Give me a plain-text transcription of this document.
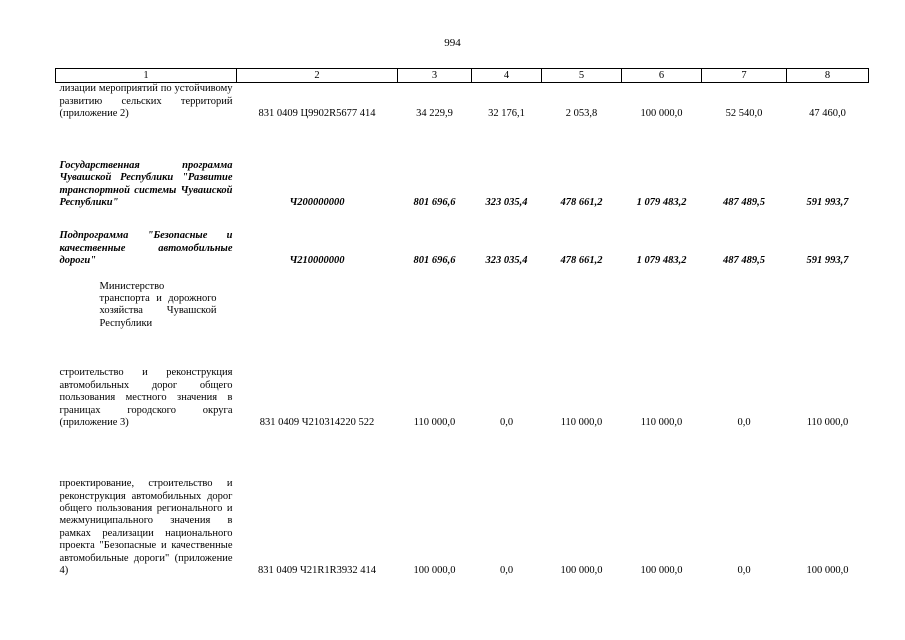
994
1	2	3	4	5	6	7	8
лизации мероприятий по устойчивому развитию сельских территорий (приложение 2)	831 0409 Ц9902R5677 414	34 229,9	32 176,1	2 053,8	100 000,0	52 540,0	47 460,0
Государственная программа Чувашской Республики "Развитие транспортной системы Чувашской Республики"	Ч200000000	801 696,6	323 035,4	478 661,2	1 079 483,2	487 489,5	591 993,7
Подпрограмма "Безопасные и качественные автомобильные дороги"	Ч210000000	801 696,6	323 035,4	478 661,2	1 079 483,2	487 489,5	591 993,7
Министерство транспорта и дорожного хозяйства Чувашской Республики							
строительство и реконструкция автомобильных дорог общего пользования местного значения в границах городского округа (приложение 3)	831 0409 Ч210314220 522	110 000,0	0,0	110 000,0	110 000,0	0,0	110 000,0
проектирование, строительство и реконструкция автомобильных дорог общего пользования регионального и межмуниципального значения в рамках реализации национального проекта "Безопасные и качественные автомобильные дороги" (приложение 4)	831 0409 Ч21R1R3932 414	100 000,0	0,0	100 000,0	100 000,0	0,0	100 000,0
